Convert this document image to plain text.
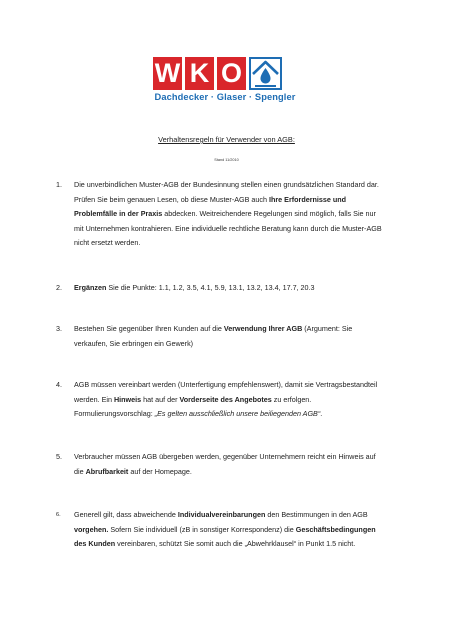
W K O
Dachdecker · Glaser · Spengler
Verhaltensregeln für Verwender von AGB:
Stand 11/2010
1. Die unverbindlichen Muster-AGB der Bundesinnung stellen einen grundsätzlichen Standard dar. Prüfen Sie beim genauen Lesen, ob diese Muster-AGB auch Ihre Erfordernisse und Problemfälle in der Praxis abdecken. Weitreichendere Regelungen sind möglich, falls Sie nur mit Unternehmen kontrahieren. Eine individuelle rechtliche Beratung kann durch die Muster-AGB nicht ersetzt werden.
2. Ergänzen Sie die Punkte: 1.1, 1.2, 3.5, 4.1, 5.9, 13.1, 13.2, 13.4, 17.7, 20.3
3. Bestehen Sie gegenüber Ihren Kunden auf die Verwendung Ihrer AGB (Argument: Sie verkaufen, Sie erbringen ein Gewerk)
4. AGB müssen vereinbart werden (Unterfertigung empfehlenswert), damit sie Vertragsbestandteil werden. Ein Hinweis hat auf der Vorderseite des Angebotes zu erfolgen. Formulierungsvorschlag: „Es gelten ausschließlich unsere beiliegenden AGB“.
5. Verbraucher müssen AGB übergeben werden, gegenüber Unternehmern reicht ein Hinweis auf die Abrufbarkeit auf der Homepage.
6. Generell gilt, dass abweichende Individualvereinbarungen den Bestimmungen in den AGB vorgehen. Sofern Sie individuell (zB in sonstiger Korrespondenz) die Geschäftsbedingungen des Kunden vereinbaren, schützt Sie somit auch die „Abwehrklausel“ in Punkt 1.5 nicht.
